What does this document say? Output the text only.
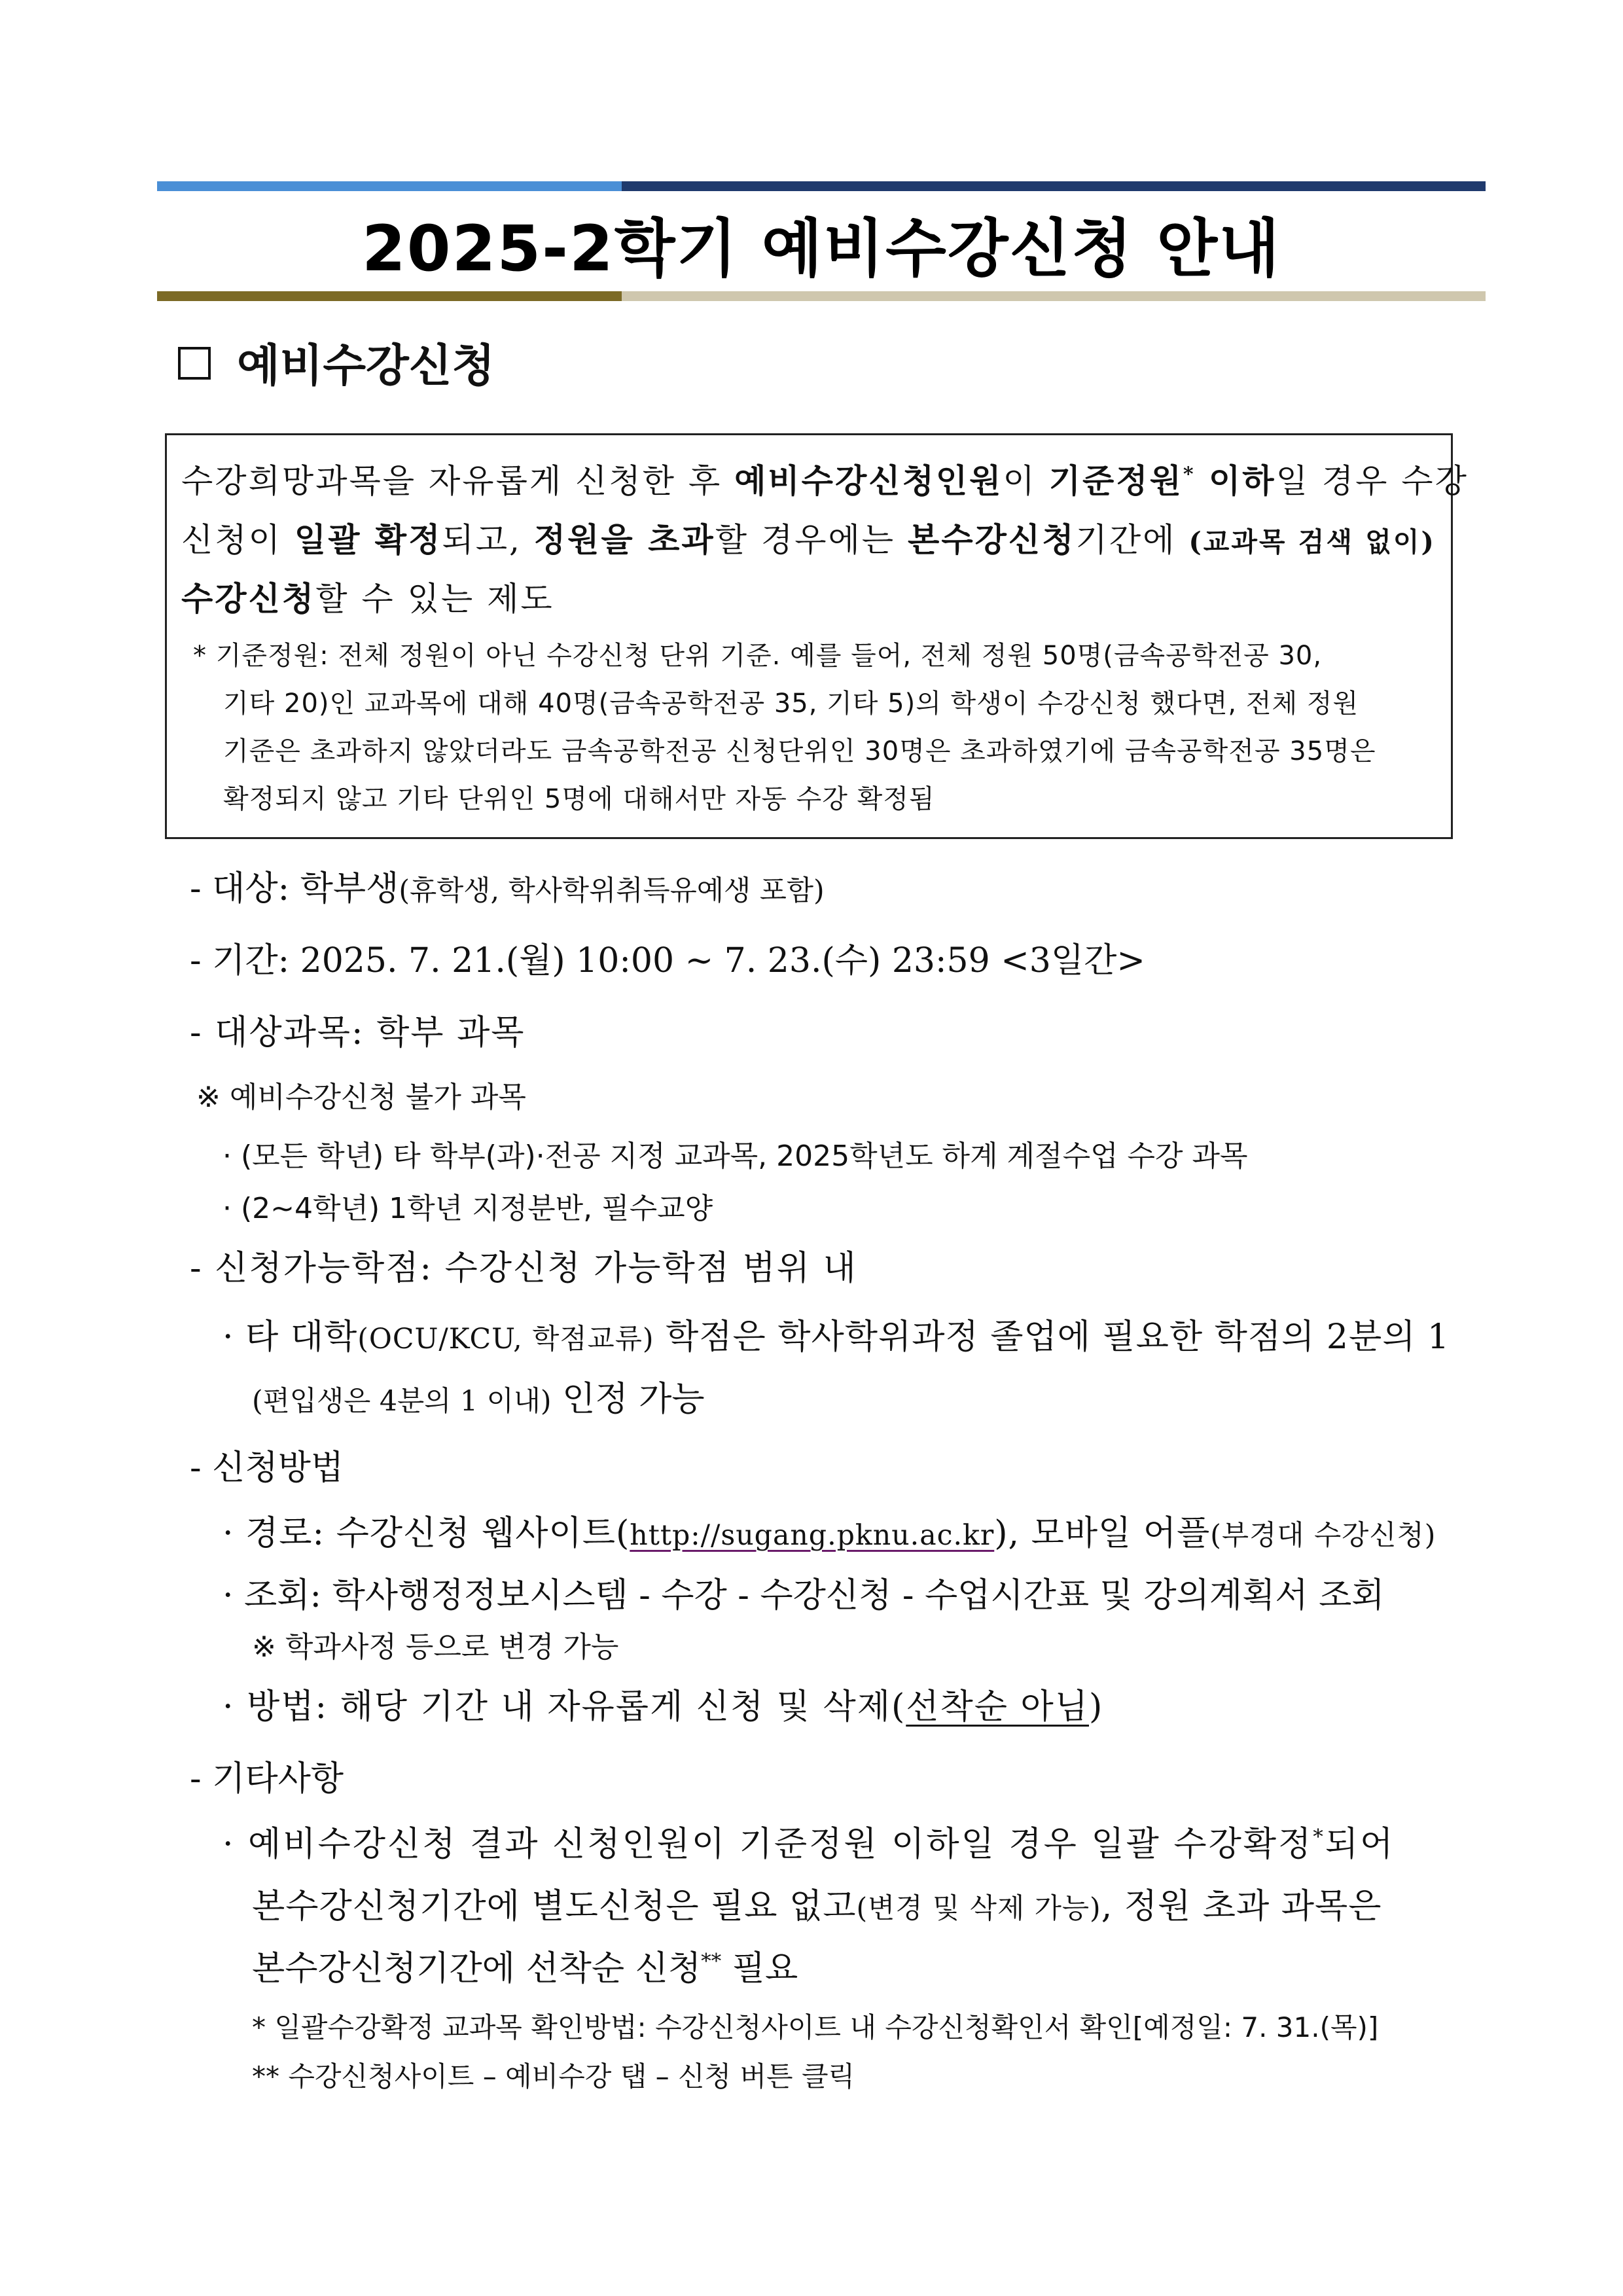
2025-2학기 예비수강신청 안내
예비수강신청
수강희망과목을 자유롭게 신청한 후 예비수강신청인원이 기준정원* 이하일 경우 수강
신청이 일괄 확정되고, 정원을 초과할 경우에는 본수강신청기간에 (교과목 검색 없이)
수강신청할 수 있는 제도
* 기준정원: 전체 정원이 아닌 수강신청 단위 기준. 예를 들어, 전체 정원 50명(금속공학전공 30,
기타 20)인 교과목에 대해 40명(금속공학전공 35, 기타 5)의 학생이 수강신청 했다면, 전체 정원
기준은 초과하지 않았더라도 금속공학전공 신청단위인 30명은 초과하였기에 금속공학전공 35명은
확정되지 않고 기타 단위인 5명에 대해서만 자동 수강 확정됨
- 대상: 학부생(휴학생, 학사학위취득유예생 포함)
- 기간: 2025. 7. 21.(월) 10:00 ~ 7. 23.(수) 23:59 <3일간>
- 대상과목: 학부 과목
※ 예비수강신청 불가 과목
· (모든 학년) 타 학부(과)·전공 지정 교과목, 2025학년도 하계 계절수업 수강 과목
· (2~4학년) 1학년 지정분반, 필수교양
- 신청가능학점: 수강신청 가능학점 범위 내
· 타 대학(OCU/KCU, 학점교류) 학점은 학사학위과정 졸업에 필요한 학점의 2분의 1
(편입생은 4분의 1 이내) 인정 가능
- 신청방법
· 경로: 수강신청 웹사이트(http://sugang.pknu.ac.kr), 모바일 어플(부경대 수강신청)
· 조회: 학사행정정보시스템 - 수강 - 수강신청 - 수업시간표 및 강의계획서 조회
※ 학과사정 등으로 변경 가능
· 방법: 해당 기간 내 자유롭게 신청 및 삭제(선착순 아님)
- 기타사항
· 예비수강신청 결과 신청인원이 기준정원 이하일 경우 일괄 수강확정*되어
본수강신청기간에 별도신청은 필요 없고(변경 및 삭제 가능), 정원 초과 과목은
본수강신청기간에 선착순 신청** 필요
* 일괄수강확정 교과목 확인방법: 수강신청사이트 내 수강신청확인서 확인[예정일: 7. 31.(목)]
** 수강신청사이트 – 예비수강 탭 – 신청 버튼 클릭
